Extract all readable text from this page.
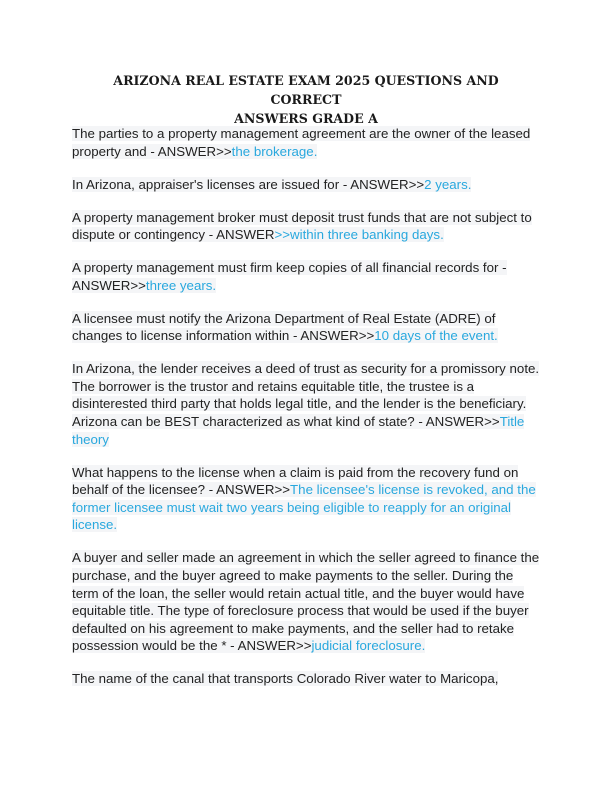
ARIZONA REAL ESTATE EXAM 2025 QUESTIONS AND CORRECT
ANSWERS GRADE A

The parties to a property management agreement are the owner of the leased property and - ANSWER>>the brokerage.

In Arizona, appraiser's licenses are issued for - ANSWER>>2 years.

A property management broker must deposit trust funds that are not subject to dispute or contingency - ANSWER>>within three banking days.

A property management must firm keep copies of all financial records for - ANSWER>>three years.

A licensee must notify the Arizona Department of Real Estate (ADRE) of changes to license information within - ANSWER>>10 days of the event.

In Arizona, the lender receives a deed of trust as security for a promissory note. The borrower is the trustor and retains equitable title, the trustee is a disinterested third party that holds legal title, and the lender is the beneficiary. Arizona can be BEST characterized as what kind of state? - ANSWER>>Title theory

What happens to the license when a claim is paid from the recovery fund on behalf of the licensee? - ANSWER>>The licensee's license is revoked, and the former licensee must wait two years being eligible to reapply for an original license.

A buyer and seller made an agreement in which the seller agreed to finance the purchase, and the buyer agreed to make payments to the seller. During the term of the loan, the seller would retain actual title, and the buyer would have equitable title. The type of foreclosure process that would be used if the buyer defaulted on his agreement to make payments, and the seller had to retake possession would be the * - ANSWER>>judicial foreclosure.

The name of the canal that transports Colorado River water to Maricopa,
